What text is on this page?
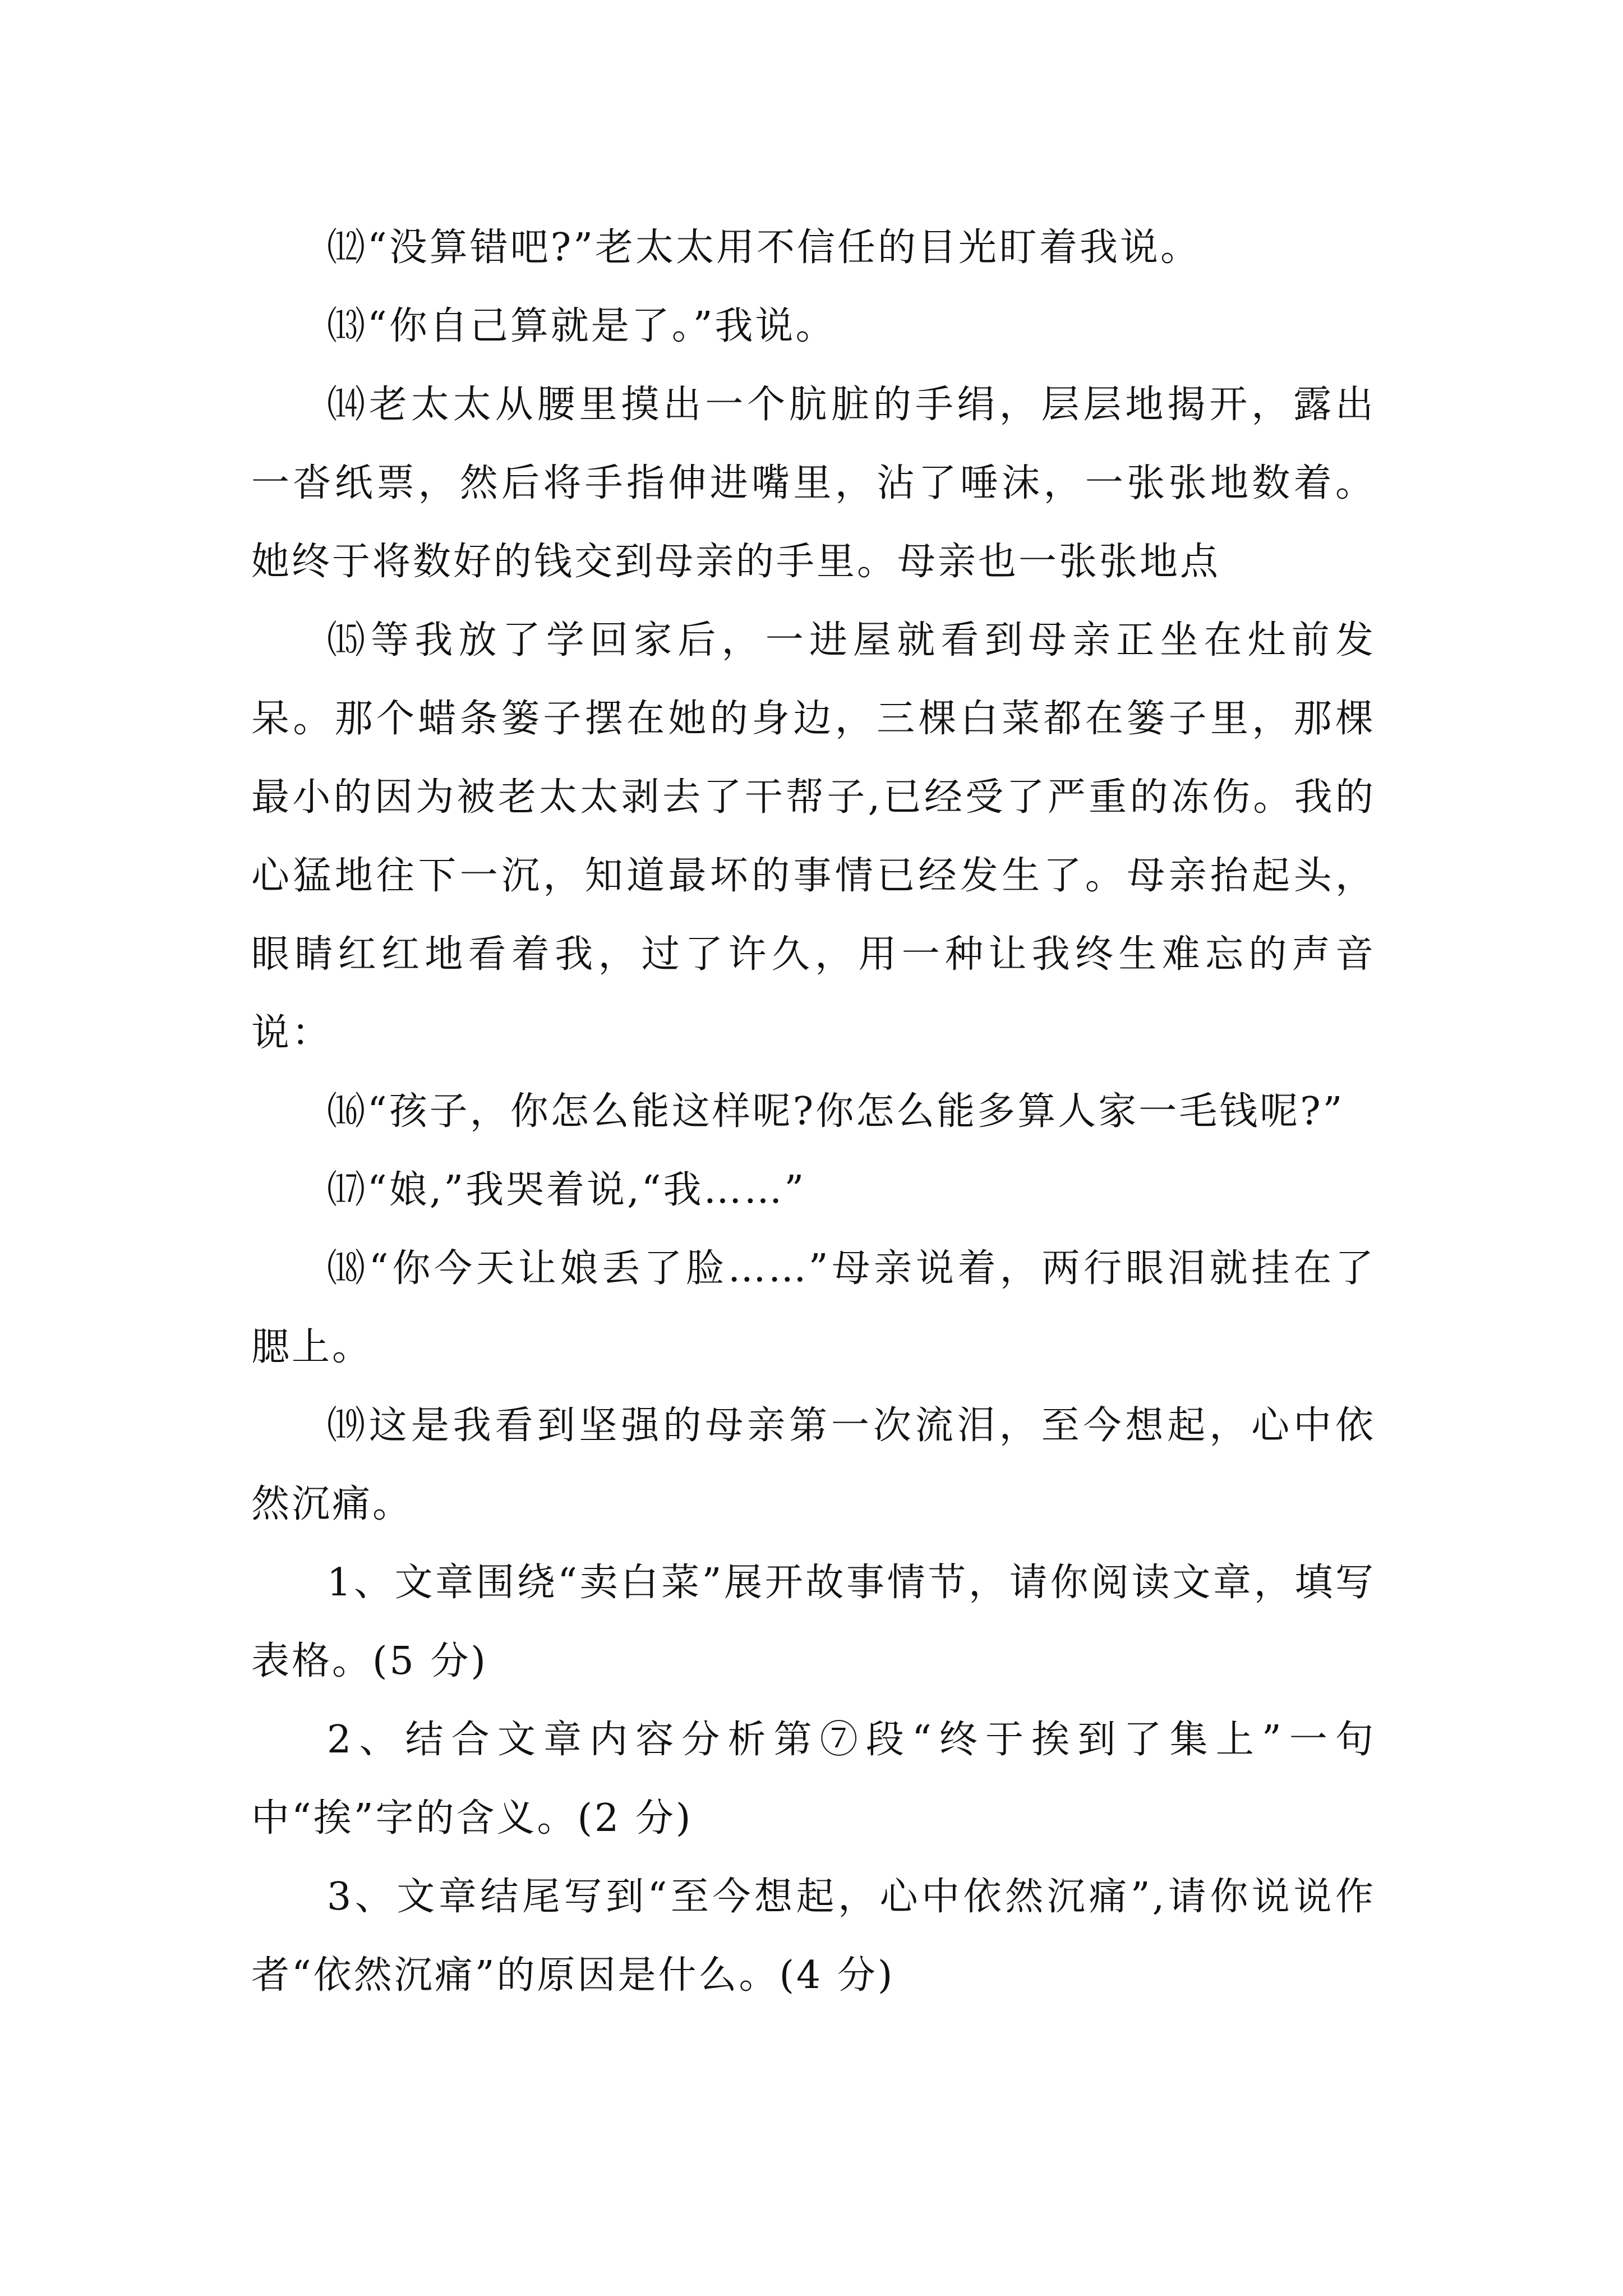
⑿“没算错吧?”老太太用不信任的目光盯着我说。

⒀“你自己算就是了。”我说。

⒁老太太从腰里摸出一个肮脏的手绢，层层地揭开，露出一沓纸票，然后将手指伸进嘴里，沾了唾沫，一张张地数着。她终于将数好的钱交到母亲的手里。母亲也一张张地点

⒂等我放了学回家后，一进屋就看到母亲正坐在灶前发呆。那个蜡条篓子摆在她的身边，三棵白菜都在篓子里，那棵最小的因为被老太太剥去了干帮子,已经受了严重的冻伤。我的心猛地往下一沉，知道最坏的事情已经发生了。母亲抬起头，眼睛红红地看着我，过了许久，用一种让我终生难忘的声音说：

⒃“孩子，你怎么能这样呢?你怎么能多算人家一毛钱呢?”

⒄“娘,”我哭着说,“我……”

⒅“你今天让娘丢了脸……”母亲说着，两行眼泪就挂在了腮上。

⒆这是我看到坚强的母亲第一次流泪，至今想起，心中依然沉痛。

1、文章围绕“卖白菜”展开故事情节，请你阅读文章，填写表格。(5 分)

2、结合文章内容分析第⑦段“终于挨到了集上”一句中“挨”字的含义。(2 分)

3、文章结尾写到“至今想起，心中依然沉痛”,请你说说作者“依然沉痛”的原因是什么。(4 分)
